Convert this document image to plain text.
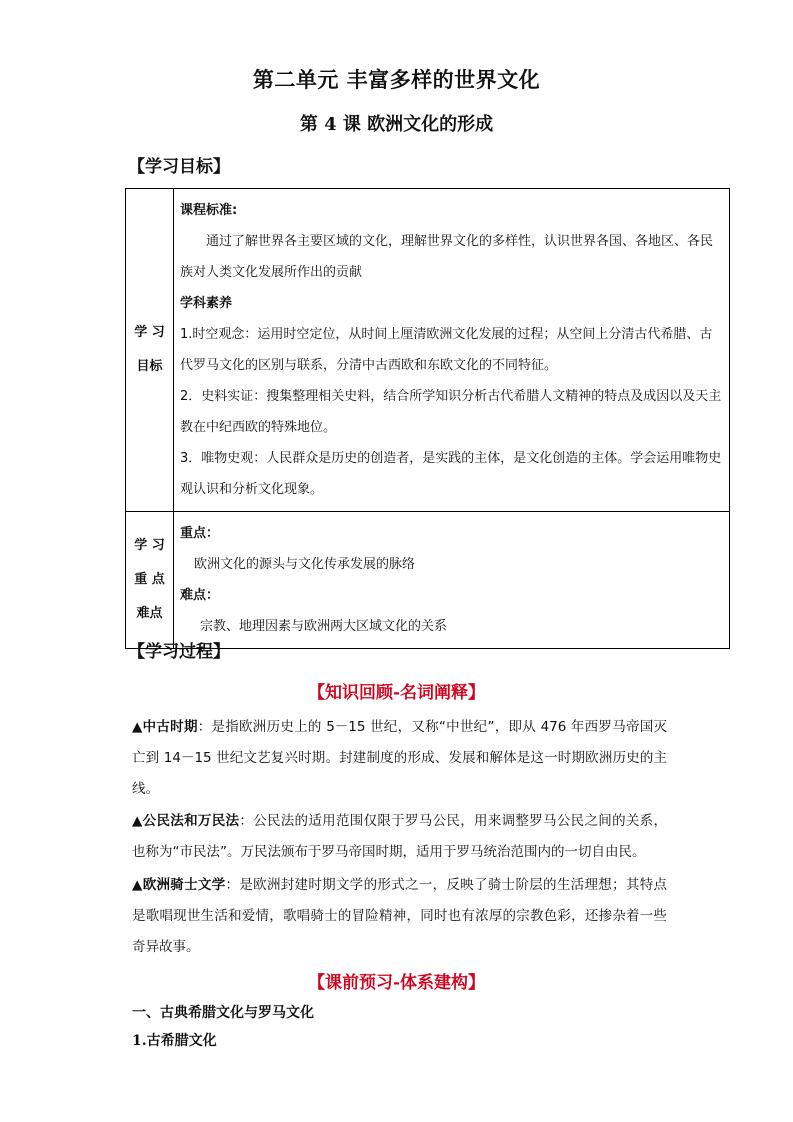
第二单元 丰富多样的世界文化
第 4 课 欧洲文化的形成
【学习目标】
学 习
目标

课程标准:

通过了解世界各主要区域的文化，理解世界文化的多样性，认识世界各国、各地区、各民族对人类文化发展所作出的贡献

学科素养

1.时空观念：运用时空定位，从时间上厘清欧洲文化发展的过程；从空间上分清古代希腊、古代罗马文化的区别与联系，分清中古西欧和东欧文化的不同特征。

2．史料实证：搜集整理相关史料，结合所学知识分析古代希腊人文精神的特点及成因以及天主教在中纪西欧的特殊地位。

3．唯物史观：人民群众是历史的创造者，是实践的主体，是文化创造的主体。学会运用唯物史观认识和分析文化现象。

学 习
重 点
难点

重点：

欧洲文化的源头与文化传承发展的脉络

难点：

宗教、地理因素与欧洲两大区域文化的关系

【学习过程】
【知识回顾-名词阐释】
▲中古时期：是指欧洲历史上的 5－15 世纪，又称“中世纪”，即从 476 年西罗马帝国灭亡到 14－15 世纪文艺复兴时期。封建制度的形成、发展和解体是这一时期欧洲历史的主线。
▲公民法和万民法：公民法的适用范围仅限于罗马公民，用来调整罗马公民之间的关系，也称为“市民法”。万民法颁布于罗马帝国时期，适用于罗马统治范围内的一切自由民。
▲欧洲骑士文学：是欧洲封建时期文学的形式之一，反映了骑士阶层的生活理想；其特点是歌唱现世生活和爱情，歌唱骑士的冒险精神，同时也有浓厚的宗教色彩，还掺杂着一些奇异故事。
【课前预习-体系建构】
一、古典希腊文化与罗马文化
1.古希腊文化
